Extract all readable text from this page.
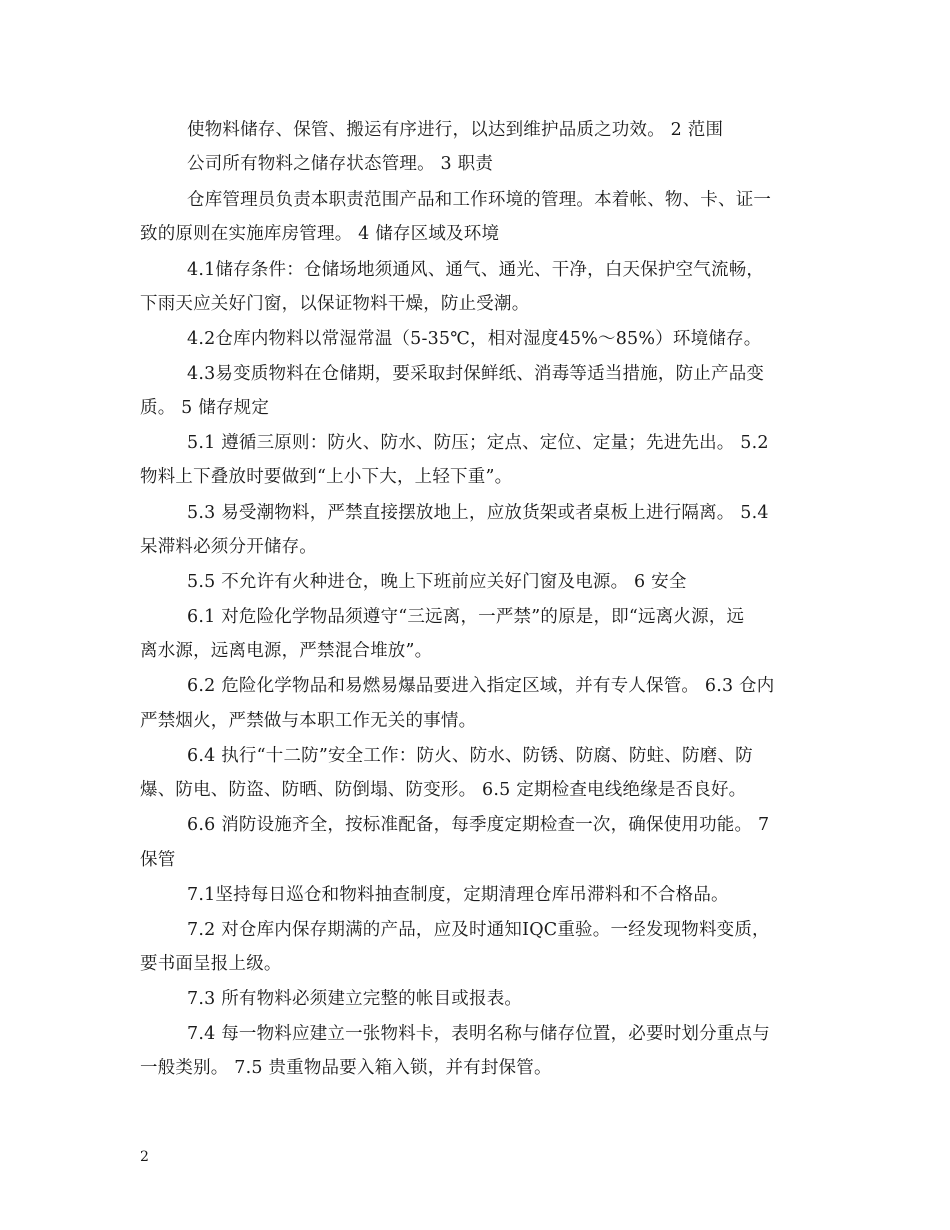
使物料储存、保管、搬运有序进行，以达到维护品质之功效。 2 范围
公司所有物料之储存状态管理。 3 职责
仓库管理员负责本职责范围产品和工作环境的管理。本着帐、物、卡、证一
致的原则在实施库房管理。 4 储存区域及环境
4.1储存条件：仓储场地须通风、通气、通光、干净，白天保护空气流畅，
下雨天应关好门窗，以保证物料干燥，防止受潮。
4.2仓库内物料以常湿常温（5-35℃，相对湿度45%～85%）环境储存。
4.3易变质物料在仓储期，要采取封保鲜纸、消毒等适当措施，防止产品变
质。 5 储存规定
5.1 遵循三原则：防火、防水、防压；定点、定位、定量；先进先出。 5.2
物料上下叠放时要做到“上小下大，上轻下重”。
5.3 易受潮物料，严禁直接摆放地上，应放货架或者桌板上进行隔离。 5.4
呆滞料必须分开储存。
5.5 不允许有火种进仓，晚上下班前应关好门窗及电源。 6 安全
6.1 对危险化学物品须遵守“三远离，一严禁”的原是，即“远离火源，远
离水源，远离电源，严禁混合堆放”。
6.2 危险化学物品和易燃易爆品要进入指定区域，并有专人保管。 6.3 仓内
严禁烟火，严禁做与本职工作无关的事情。
6.4 执行“十二防”安全工作：防火、防水、防锈、防腐、防蛀、防磨、防
爆、防电、防盗、防晒、防倒塌、防变形。 6.5 定期检查电线绝缘是否良好。
6.6 消防设施齐全，按标准配备，每季度定期检查一次，确保使用功能。 7
保管
7.1坚持每日巡仓和物料抽查制度，定期清理仓库吊滞料和不合格品。
7.2 对仓库内保存期满的产品，应及时通知IQC重验。一经发现物料变质，
要书面呈报上级。
7.3 所有物料必须建立完整的帐目或报表。
7.4 每一物料应建立一张物料卡，表明名称与储存位置，必要时划分重点与
一般类别。 7.5 贵重物品要入箱入锁，并有封保管。
2
